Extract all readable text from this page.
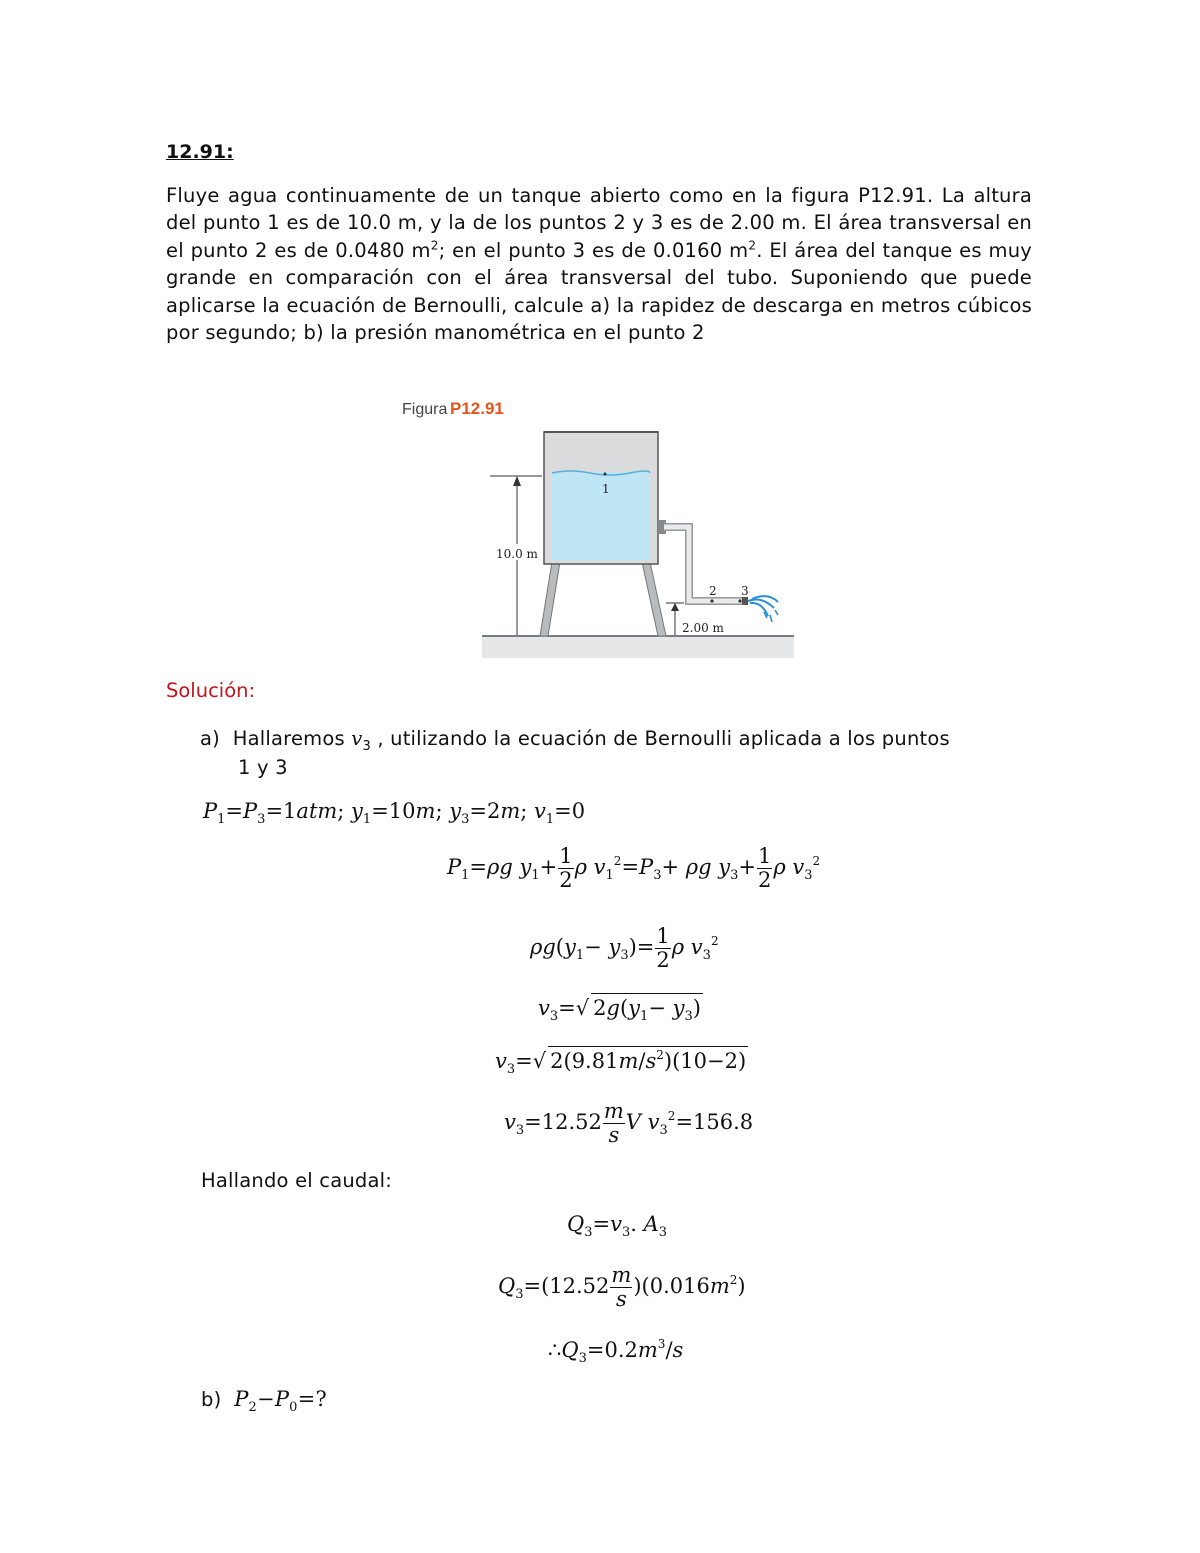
12.91:

Fluye agua continuamente de un tanque abierto como en la figura P12.91. La altura del punto 1 es de 10.0 m, y la de los puntos 2 y 3 es de 2.00 m. El área transversal en el punto 2 es de 0.0480 $m^2$; en el punto 3 es de 0.0160 $m^2$. El área del tanque es muy grande en comparación con el área transversal del tubo. Suponiendo que puede aplicarse la ecuación de Bernoulli, calcule a) la rapidez de descarga en metros cúbicos por segundo; b) la presión manométrica en el punto 2

Figura P12.91
1
2 3
10.0 m
2.00 m
Solución:
a) Hallaremos $v_3$ , utilizando la ecuación de Bernoulli aplicada a los puntos
1 y 3
$P_1=P_3=1atm$; $y_1=10m$; $y_3=2m$; $v_1=0$
$P_1=\rho g$ $y_1+ \frac{1}{2}$ ρ $v_1^2=P_3+ \rho g$ $y_3+ \frac{1}{2}$ ρ $v_3^2$
$\rho g(y_1- y_3)= \frac{1}{2}$ ρ $v_3^2$
$v_3=√$ $2g(y_1- y_3)$
$v_3=√$ $2(9.81m/s^2)(10-2)$
$v_3=12.52 \frac{m}{s}$ V $v_3^2=156.8$
Hallando el caudal:
$Q_3=v_3$. $A_3$
$Q_3=(12.52 \frac{m}{s} )(0.016m^2)$
$\therefore Q_3=0.2m^3/s$
b) $P_2-P_0=$?
